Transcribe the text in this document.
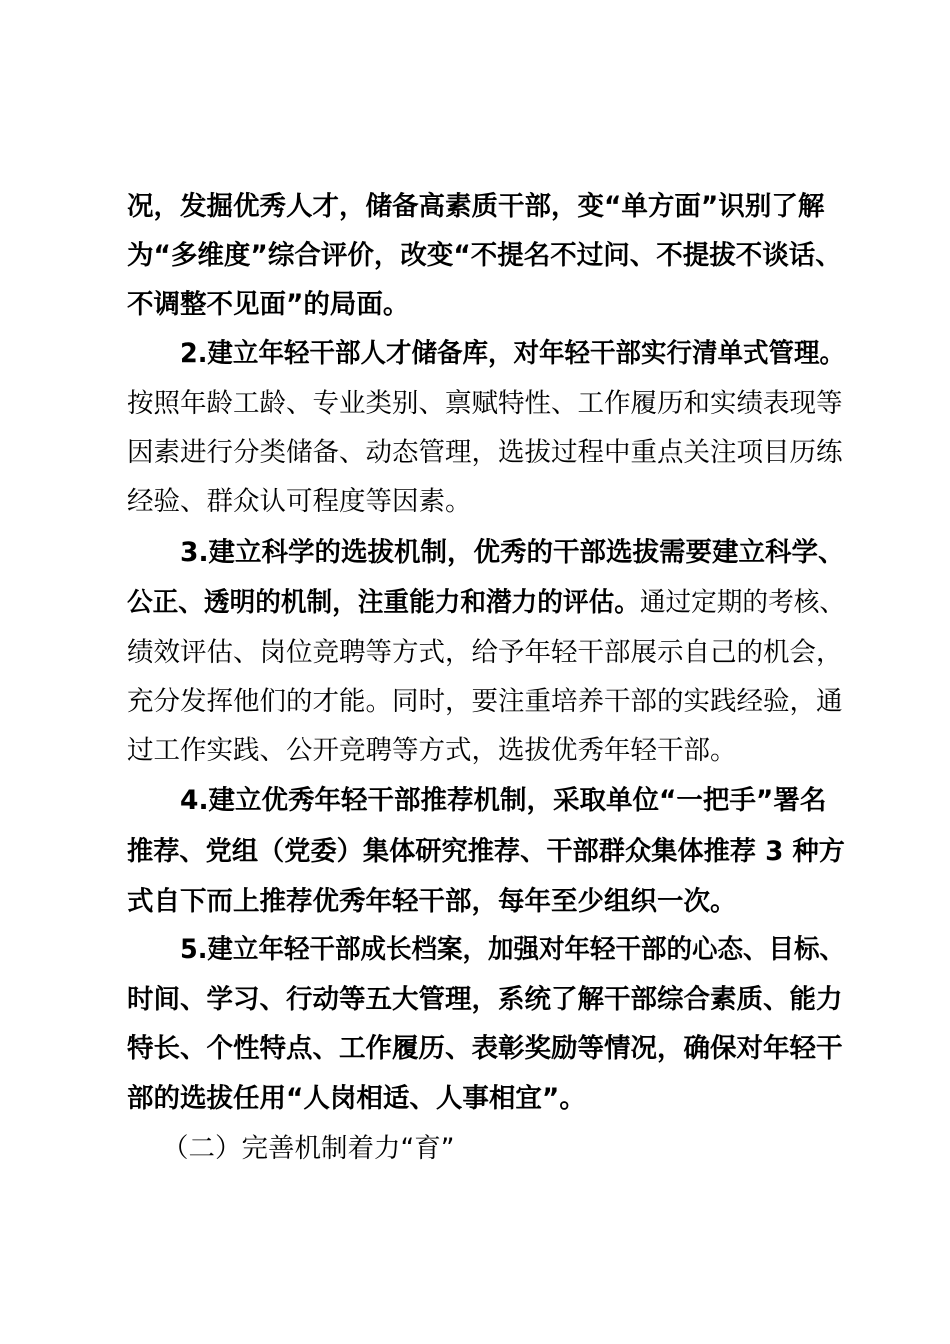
况，发掘优秀人才，储备高素质干部，变“单方面”识别了解
为“多维度”综合评价，改变“不提名不过问、不提拔不谈话、
不调整不见面”的局面。
2.建立年轻干部人才储备库，对年轻干部实行清单式管理。
按照年龄工龄、专业类别、禀赋特性、工作履历和实绩表现等
因素进行分类储备、动态管理，选拔过程中重点关注项目历练
经验、群众认可程度等因素。
3.建立科学的选拔机制，优秀的干部选拔需要建立科学、
公正、透明的机制，注重能力和潜力的评估。通过定期的考核、
绩效评估、岗位竞聘等方式，给予年轻干部展示自己的机会，
充分发挥他们的才能。同时，要注重培养干部的实践经验，通
过工作实践、公开竞聘等方式，选拔优秀年轻干部。
4.建立优秀年轻干部推荐机制，采取单位“一把手”署名
推荐、党组（党委）集体研究推荐、干部群众集体推荐 3 种方
式自下而上推荐优秀年轻干部，每年至少组织一次。
5.建立年轻干部成长档案，加强对年轻干部的心态、目标、
时间、学习、行动等五大管理，系统了解干部综合素质、能力
特长、个性特点、工作履历、表彰奖励等情况，确保对年轻干
部的选拔任用“人岗相适、人事相宜”。
（二）完善机制着力“育”
